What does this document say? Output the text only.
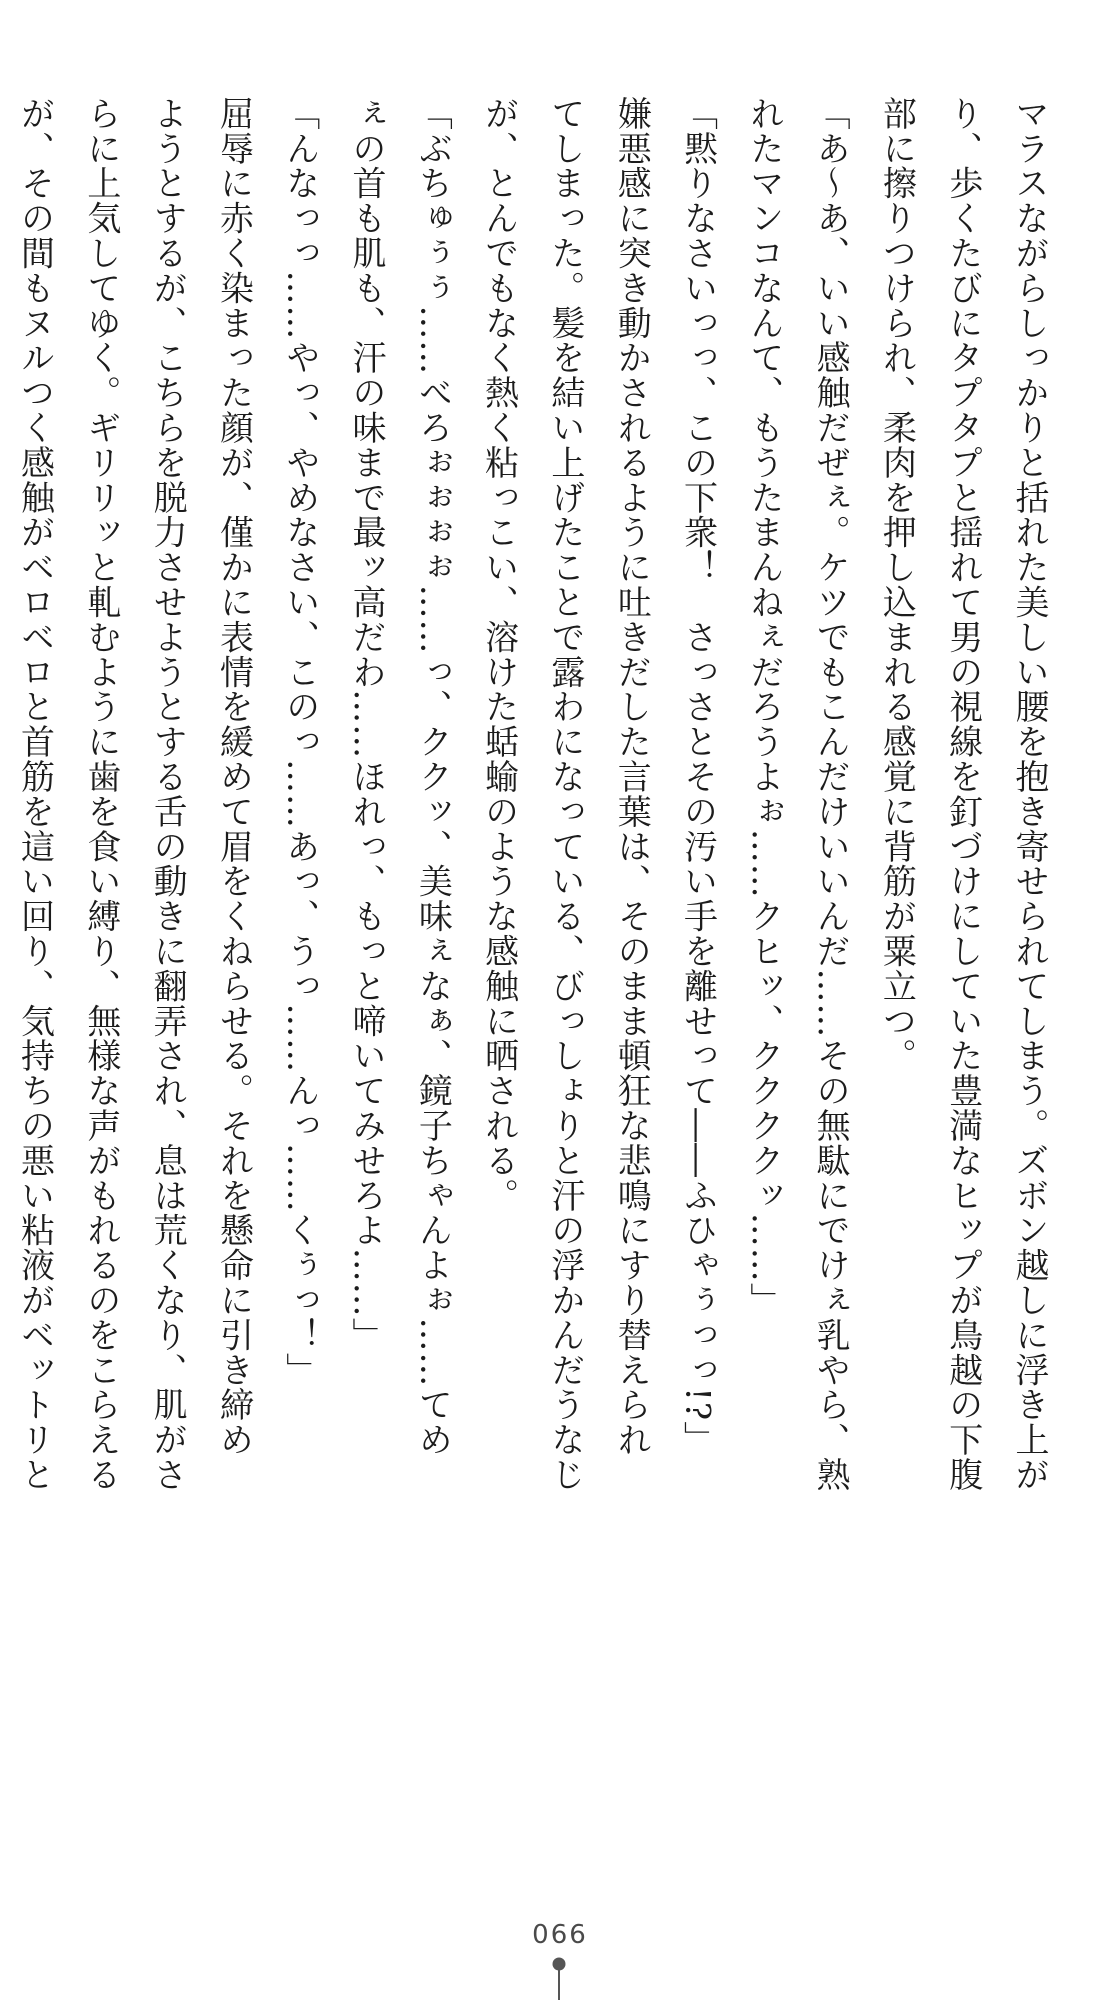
マラスながらしっかりと括れた美しい腰を抱き寄せられてしまう。ズボン越しに浮き上が
り、歩くたびにタプタプと揺れて男の視線を釘づけにしていた豊満なヒップが鳥越の下腹
部に擦りつけられ、柔肉を押し込まれる感覚に背筋が粟立つ。
「あ～あ、いい感触だぜぇ。ケツでもこんだけいいんだ……その無駄にでけぇ乳やら、熟
れたマンコなんて、もうたまんねぇだろうよぉ……クヒッ、ククククッ……」
「黙りなさいっっ、この下衆！　さっさとその汚い手を離せって――ふひゃぅっっ!?」
嫌悪感に突き動かされるように吐きだした言葉は、そのまま頓狂な悲鳴にすり替えられ
てしまった。髪を結い上げたことで露わになっている、びっしょりと汗の浮かんだうなじ
が、とんでもなく熱く粘っこい、溶けた蛞蝓のような感触に晒される。
「ぶちゅぅぅ……べろぉぉぉぉ……っ、ククッ、美味ぇなぁ、鏡子ちゃんよぉ……てめ
ぇの首も肌も、汗の味まで最ッ高だわ……ほれっ、もっと啼いてみせろよ……」
「んなっっ……やっ、やめなさい、このっ……あっ、うっ……んっ……くぅっ！」
屈辱に赤く染まった顔が、僅かに表情を緩めて眉をくねらせる。それを懸命に引き締め
ようとするが、こちらを脱力させようとする舌の動きに翻弄され、息は荒くなり、肌がさ
らに上気してゆく。ギリリッと軋むように歯を食い縛り、無様な声がもれるのをこらえる
が、その間もヌルつく感触がベロベロと首筋を這い回り、気持ちの悪い粘液がベットリと
066
